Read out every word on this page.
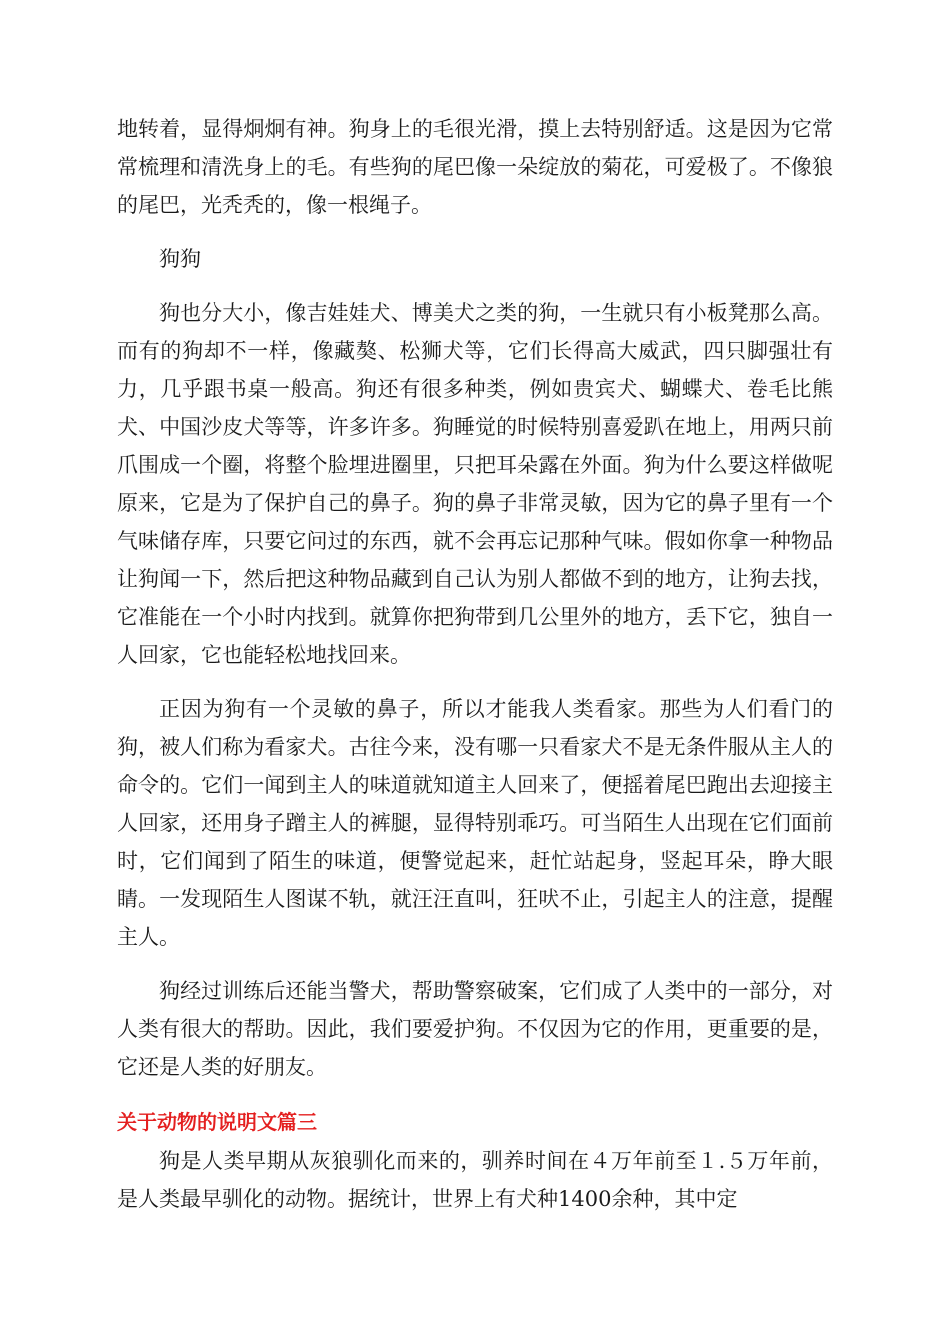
地转着，显得炯炯有神。狗身上的毛很光滑，摸上去特别舒适。这是因为它常常梳理和清洗身上的毛。有些狗的尾巴像一朵绽放的菊花，可爱极了。不像狼的尾巴，光秃秃的，像一根绳子。

狗狗

狗也分大小，像吉娃娃犬、博美犬之类的狗，一生就只有小板凳那么高。而有的狗却不一样，像藏獒、松狮犬等，它们长得高大威武，四只脚强壮有力，几乎跟书桌一般高。狗还有很多种类，例如贵宾犬、蝴蝶犬、卷毛比熊犬、中国沙皮犬等等，许多许多。狗睡觉的时候特别喜爱趴在地上，用两只前爪围成一个圈，将整个脸埋进圈里，只把耳朵露在外面。狗为什么要这样做呢原来，它是为了保护自己的鼻子。狗的鼻子非常灵敏，因为它的鼻子里有一个气味储存库，只要它问过的东西，就不会再忘记那种气味。假如你拿一种物品让狗闻一下，然后把这种物品藏到自己认为别人都做不到的地方，让狗去找，它准能在一个小时内找到。就算你把狗带到几公里外的地方，丢下它，独自一人回家，它也能轻松地找回来。

正因为狗有一个灵敏的鼻子，所以才能我人类看家。那些为人们看门的狗，被人们称为看家犬。古往今来，没有哪一只看家犬不是无条件服从主人的命令的。它们一闻到主人的味道就知道主人回来了，便摇着尾巴跑出去迎接主人回家，还用身子蹭主人的裤腿，显得特别乖巧。可当陌生人出现在它们面前时，它们闻到了陌生的味道，便警觉起来，赶忙站起身，竖起耳朵，睁大眼睛。一发现陌生人图谋不轨，就汪汪直叫，狂吠不止，引起主人的注意，提醒主人。

狗经过训练后还能当警犬，帮助警察破案，它们成了人类中的一部分，对人类有很大的帮助。因此，我们要爱护狗。不仅因为它的作用，更重要的是，它还是人类的好朋友。

关于动物的说明文篇三

狗是人类早期从灰狼驯化而来的，驯养时间在４万年前至１.５万年前，是人类最早驯化的动物。据统计，世界上有犬种1400余种，其中定
